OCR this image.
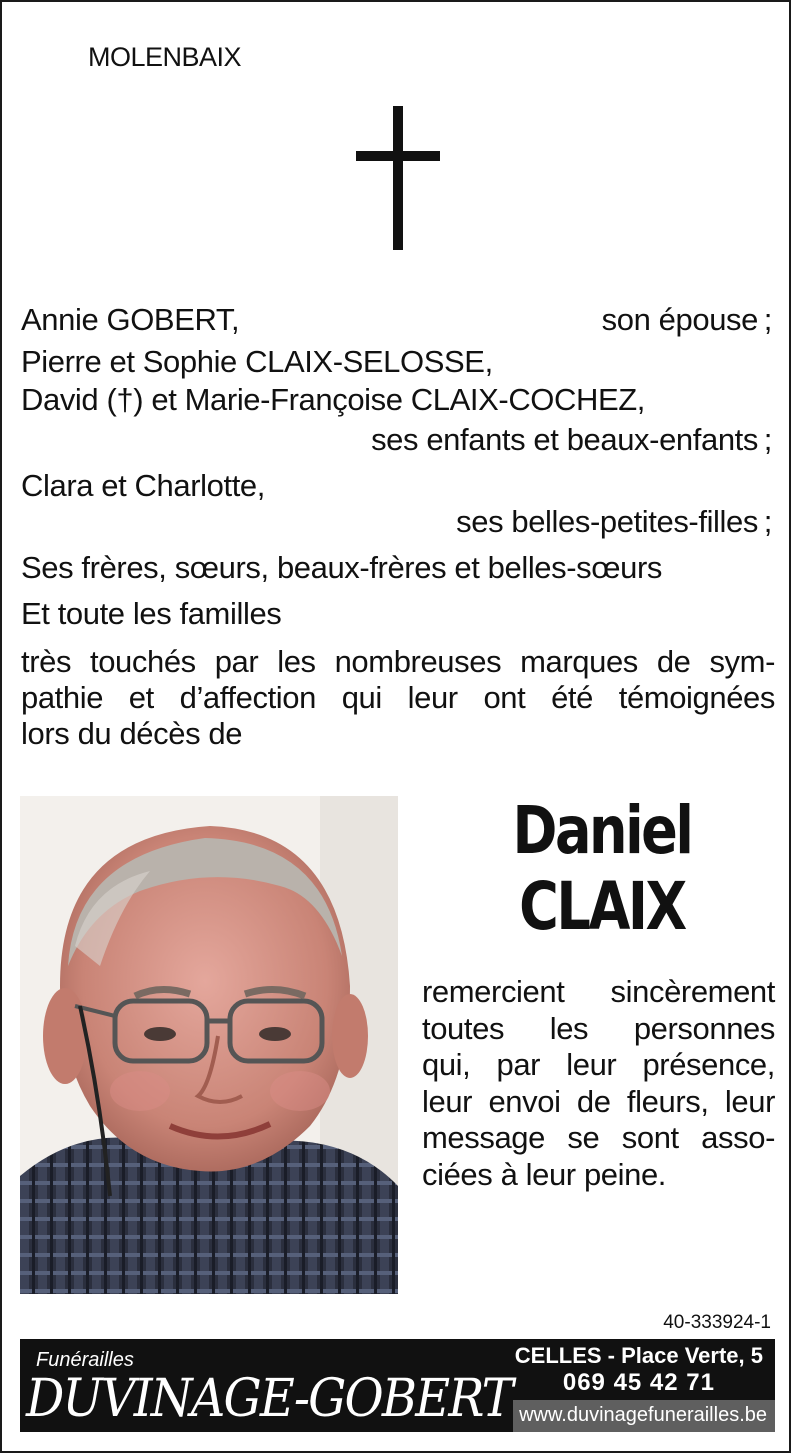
MOLENBAIX
Annie GOBERT,	son épouse ;
Pierre et Sophie CLAIX-SELOSSE,
David (†) et Marie-Françoise CLAIX-COCHEZ,
ses enfants et beaux-enfants ;
Clara et Charlotte,
ses belles-petites-filles ;
Ses frères, sœurs, beaux-frères et belles-sœurs
Et toute les familles
très touchés par les nombreuses marques de sym-
pathie et d’affection qui leur ont été témoignées
lors du décès de
Daniel
CLAIX
remercient sincèrement
toutes les personnes
qui, par leur présence,
leur envoi de fleurs, leur
message se sont asso-
ciées à leur peine.
40-333924-1
Funérailles
DUVINAGE-GOBERT
CELLES - Place Verte, 5
069 45 42 71
www.duvinagefunerailles.be
